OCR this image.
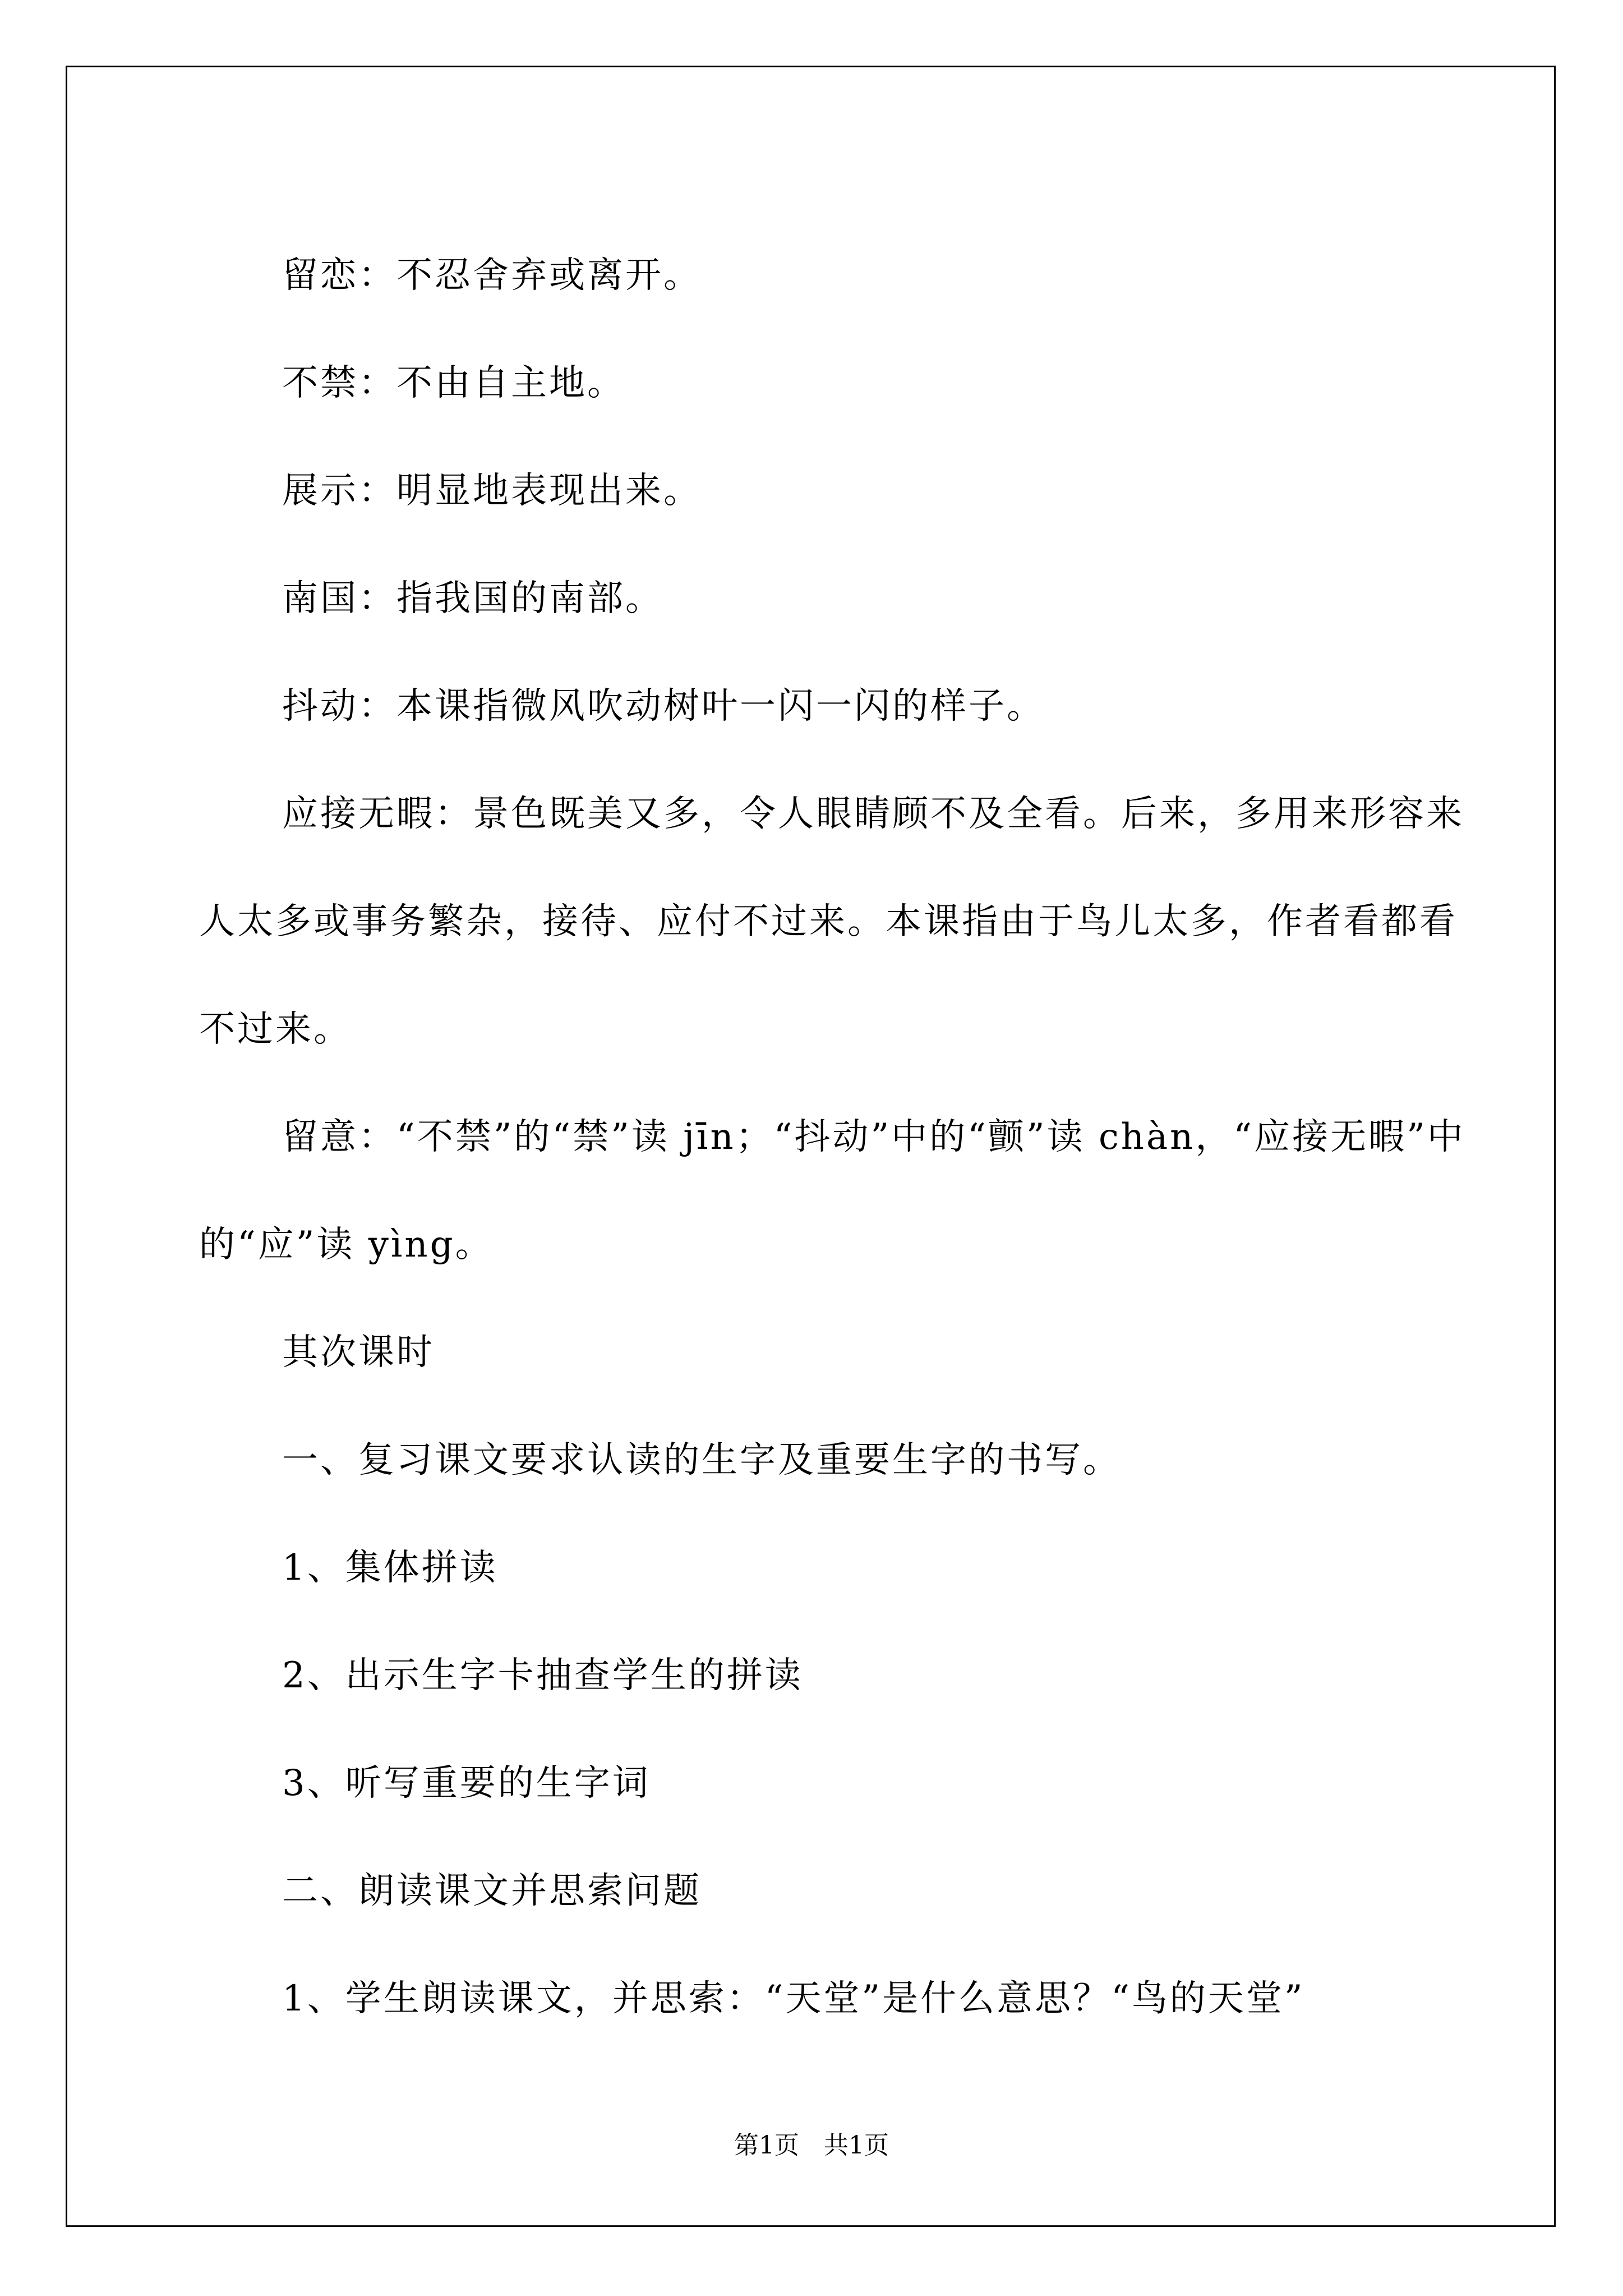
留恋：不忍舍弃或离开。

不禁：不由自主地。

展示：明显地表现出来。

南国：指我国的南部。

抖动：本课指微风吹动树叶一闪一闪的样子。

应接无暇：景色既美又多，令人眼睛顾不及全看。后来，多用来形容来人太多或事务繁杂，接待、应付不过来。本课指由于鸟儿太多，作者看都看不过来。

留意：“不禁”的“禁”读 jīn；“抖动”中的“颤”读 chàn，“应接无暇”中的“应”读 yìng。

其次课时

一、复习课文要求认读的生字及重要生字的书写。

1、集体拼读

2、出示生字卡抽查学生的拼读

3、听写重要的生字词

二、朗读课文并思索问题

1、学生朗读课文，并思索：“天堂”是什么意思？“鸟的天堂”

第1页　共1页
